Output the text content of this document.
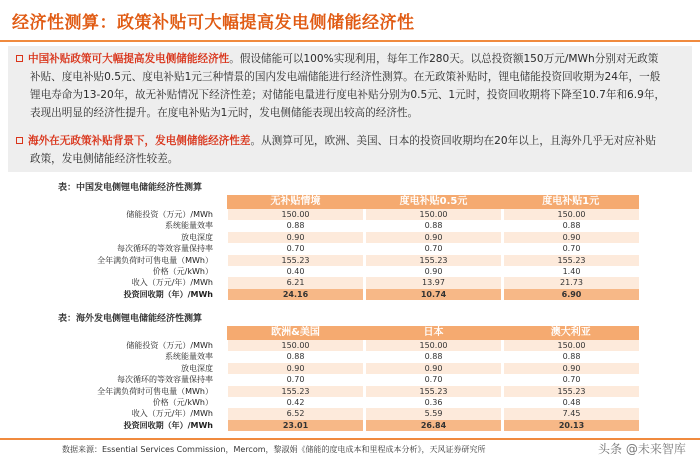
经济性测算：政策补贴可大幅提高发电侧储能经济性
中国补贴政策可大幅提高发电侧储能经济性。假设储能可以100%实现利用，每年工作280天。以总投资额150万元/MWh分别对无政策
补贴、度电补贴0.5元、度电补贴1元三种情景的国内发电端储能进行经济性测算。在无政策补贴时，锂电储能投资回收期为24年，一般
锂电寿命为13-20年，故无补贴情况下经济性差；对储能电量进行度电补贴分别为0.5元、1元时，投资回收期将下降至10.7年和6.9年，
表现出明显的经济性提升。在度电补贴为1元时，发电侧储能表现出较高的经济性。
海外在无政策补贴背景下，发电侧储能经济性差。从测算可见，欧洲、美国、日本的投资回收期均在20年以上，且海外几乎无对应补贴
政策，发电侧储能经济性较差。
表：中国发电侧锂电储能经济性测算
	无补贴情境	度电补贴0.5元	度电补贴1元
储能投资（万元）/MWh	150.00	150.00	150.00
系统能量效率	0.88	0.88	0.88
放电深度	0.90	0.90	0.90
每次循环的等效容量保持率	0.70	0.70	0.70
全年满负荷时可售电量（MWh）	155.23	155.23	155.23
价格（元/kWh）	0.40	0.90	1.40
收入（万元/年）/MWh	6.21	13.97	21.73
投资回收期（年）/MWh	24.16	10.74	6.90
表：海外发电侧锂电储能经济性测算
	欧洲&美国	日本	澳大利亚
储能投资（万元）/MWh	150.00	150.00	150.00
系统能量效率	0.88	0.88	0.88
放电深度	0.90	0.90	0.90
每次循环的等效容量保持率	0.70	0.70	0.70
全年满负荷时可售电量（MWh）	155.23	155.23	155.23
价格（元/kWh）	0.42	0.36	0.48
收入（万元/年）/MWh	6.52	5.59	7.45
投资回收期（年）/MWh	23.01	26.84	20.13
数据来源：Essential Services Commission，Mercom，黎淑娟《储能的度电成本和里程成本分析》，天风证券研究所	头条 @未来智库
